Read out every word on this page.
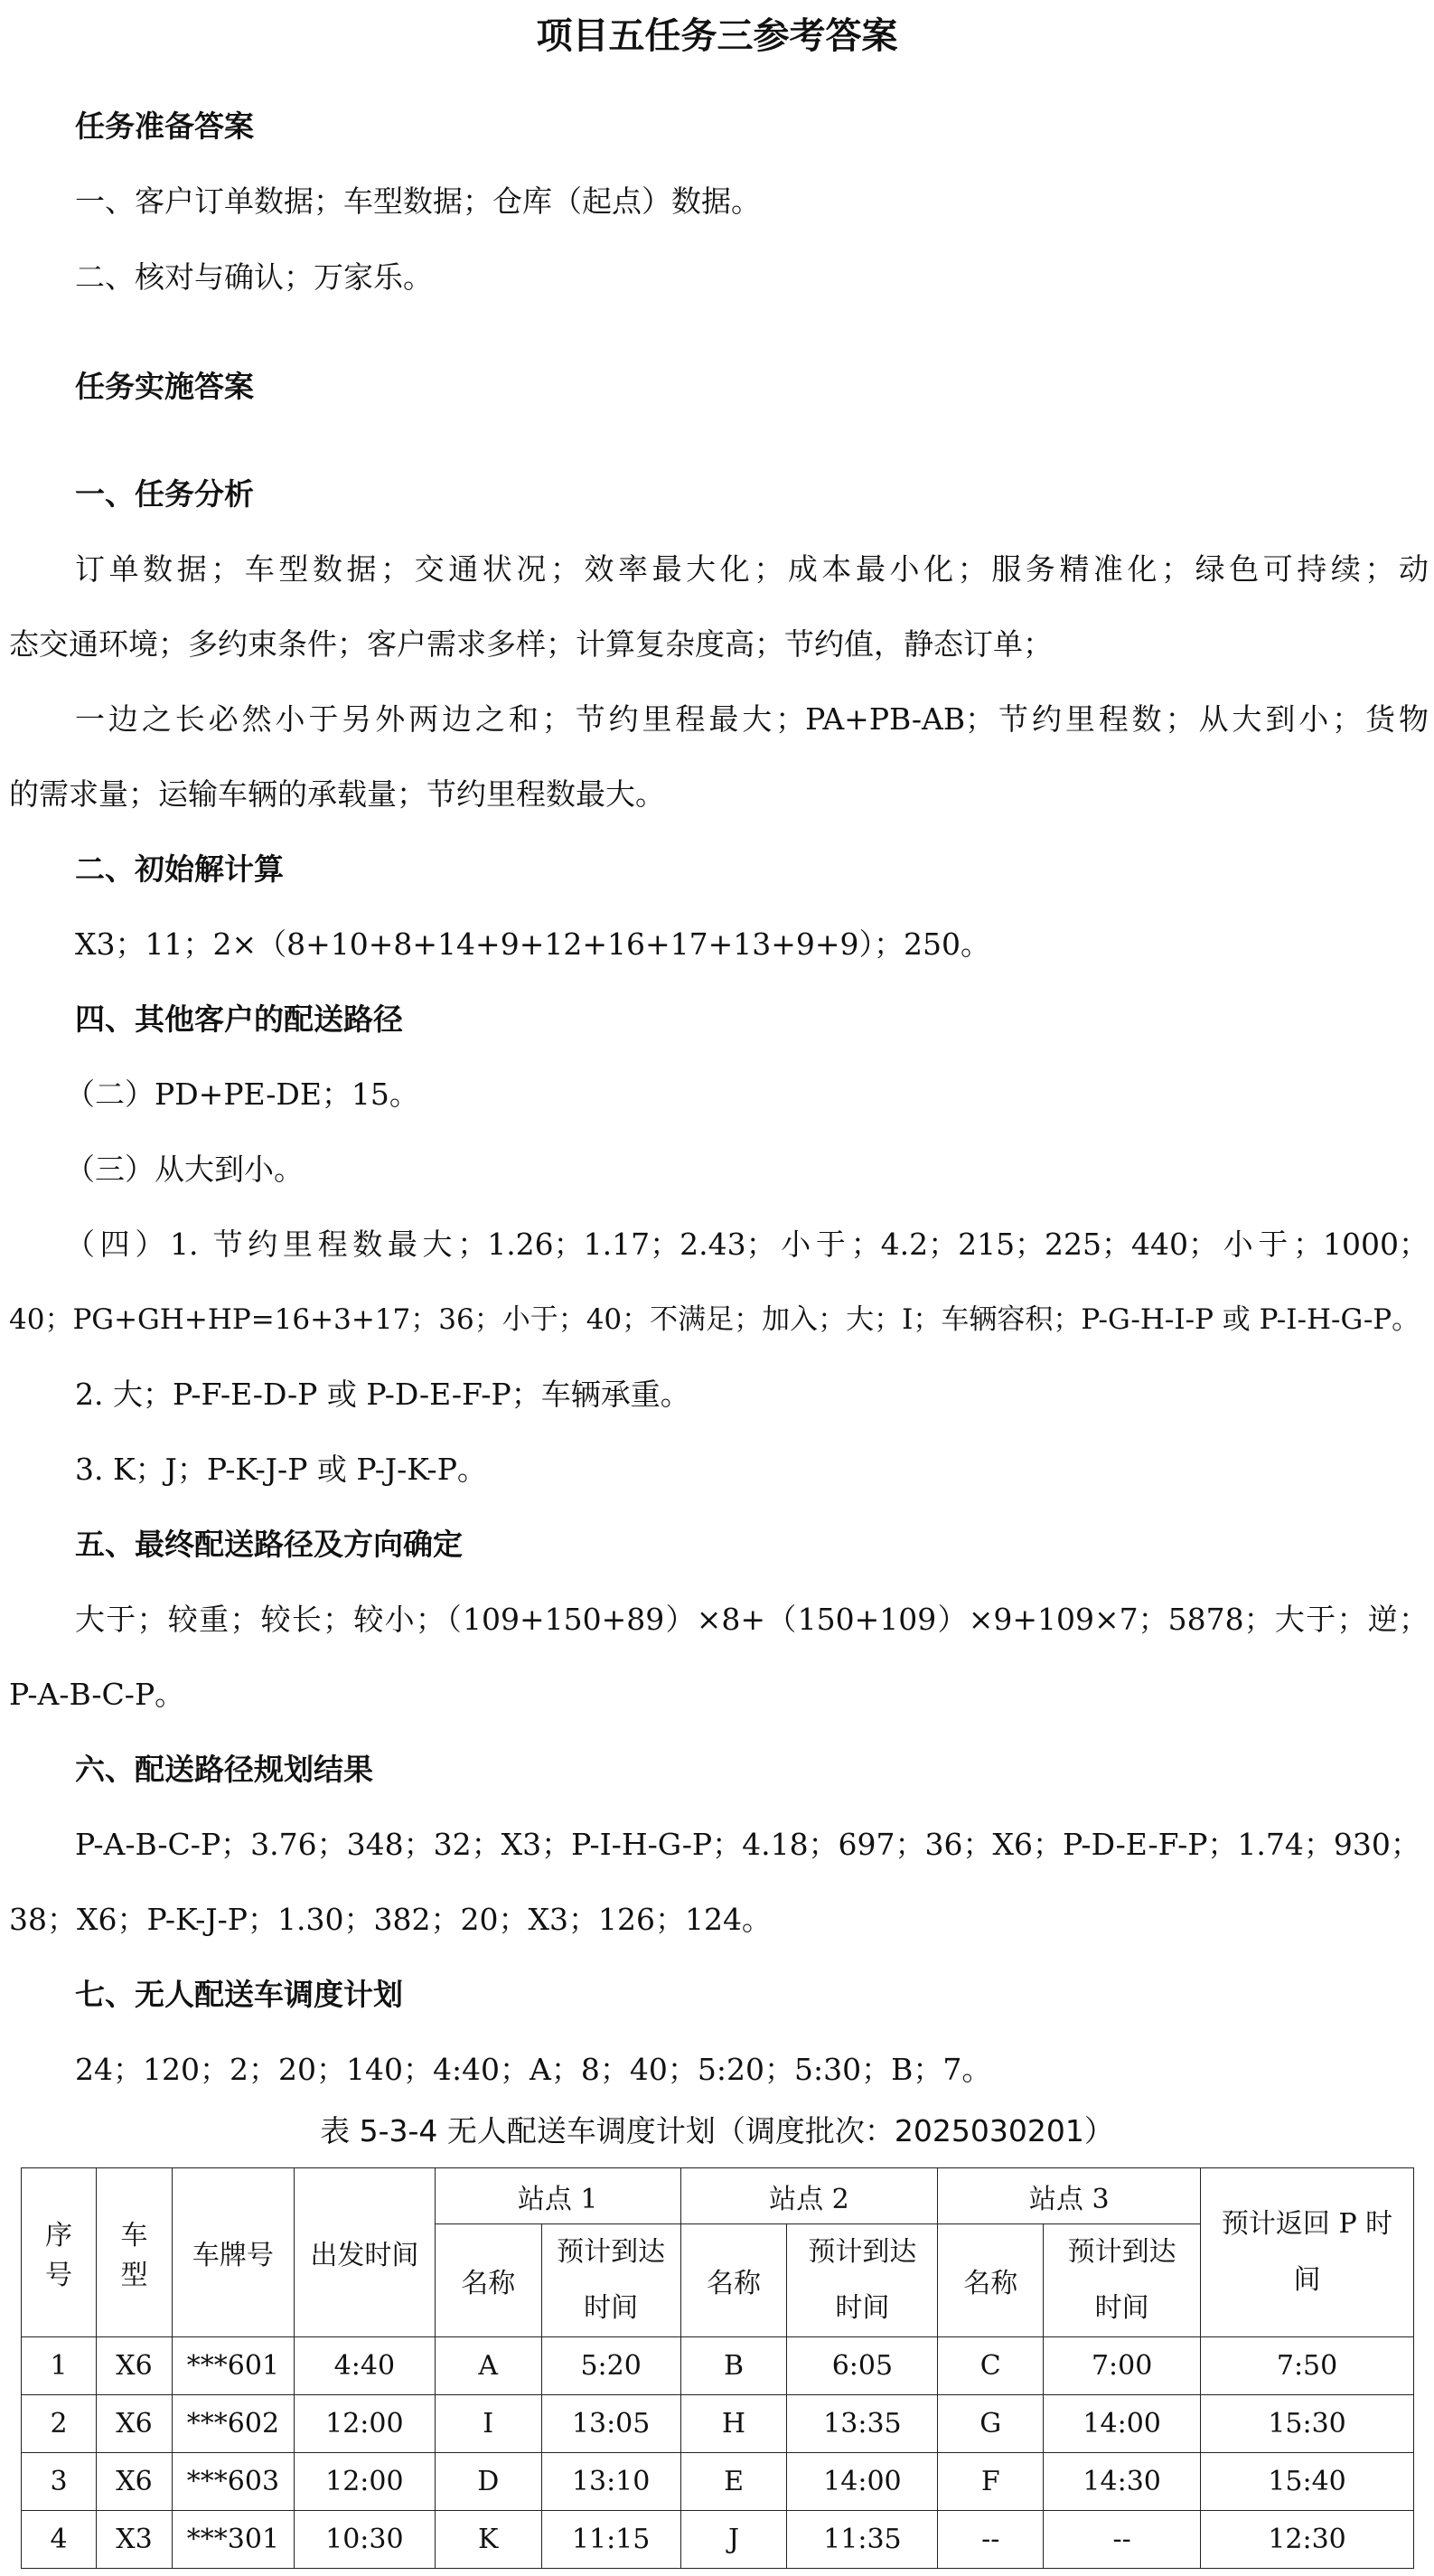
项目五任务三参考答案
任务准备答案
一、客户订单数据；车型数据；仓库（起点）数据。
二、核对与确认；万家乐。
任务实施答案
一、任务分析
订单数据；车型数据；交通状况；效率最大化；成本最小化；服务精准化；绿色可持续；动
态交通环境；多约束条件；客户需求多样；计算复杂度高；节约值，静态订单；
一边之长必然小于另外两边之和；节约里程最大；PA+PB-AB；节约里程数；从大到小；货物
的需求量；运输车辆的承载量；节约里程数最大。
二、初始解计算
X3；11；2×（8+10+8+14+9+12+16+17+13+9+9）；250。
四、其他客户的配送路径
（二）PD+PE-DE；15。
（三）从大到小。
（四）1. 节约里程数最大；1.26；1.17；2.43；小于；4.2；215；225；440；小于；1000；
40；PG+GH+HP=16+3+17；36；小于；40；不满足；加入；大；I；车辆容积；P-G-H-I-P 或 P-I-H-G-P。
2. 大；P-F-E-D-P 或 P-D-E-F-P；车辆承重。
3. K；J；P-K-J-P 或 P-J-K-P。
五、最终配送路径及方向确定
大于；较重；较长；较小；（109+150+89）×8+（150+109）×9+109×7；5878；大于；逆；
P-A-B-C-P。
六、配送路径规划结果
P-A-B-C-P；3.76；348；32；X3；P-I-H-G-P；4.18；697；36；X6；P-D-E-F-P；1.74；930；
38；X6；P-K-J-P；1.30；382；20；X3；126；124。
七、无人配送车调度计划
24；120；2；20；140；4:40；A；8；40；5:20；5:30；B；7。
表 5-3-4 无人配送车调度计划（调度批次：2025030201）
序号	车型	车牌号	出发时间	站点 1		站点 2		站点 3		预计返回 P 时间
				名称	预计到达时间	名称	预计到达时间	名称	预计到达时间	

1	X6	***601	4:40	A	5:20	B	6:05	C	7:00	7:50
2	X6	***602	12:00	I	13:05	H	13:35	G	14:00	15:30
3	X6	***603	12:00	D	13:10	E	14:00	F	14:30	15:40
4	X3	***301	10:30	K	11:15	J	11:35	--	--	12:30
